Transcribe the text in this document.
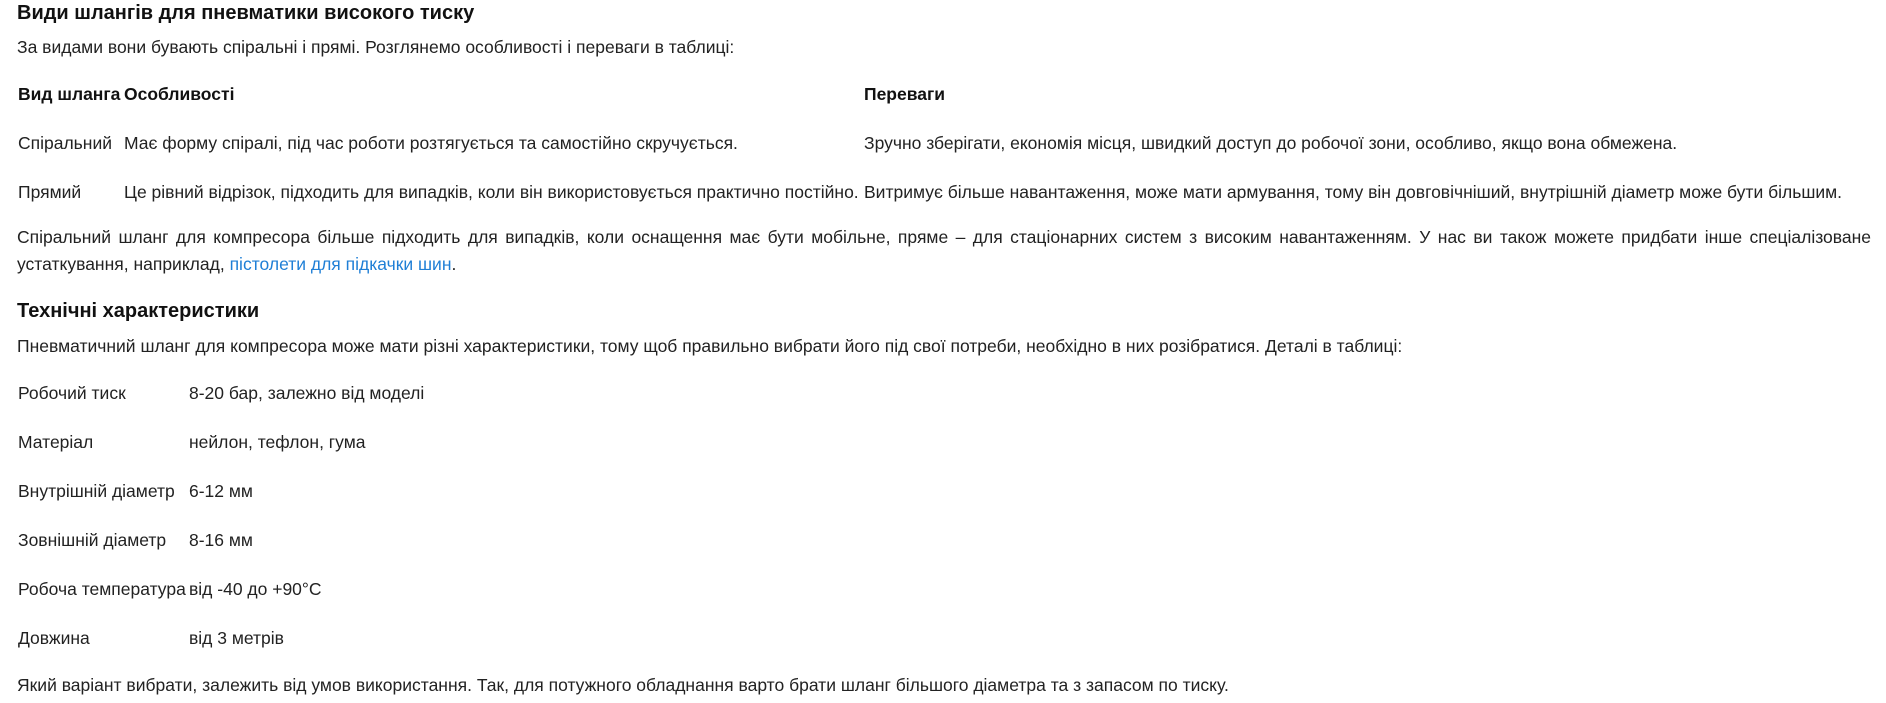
Види шлангів для пневматики високого тиску

За видами вони бувають спіральні і прямі. Розглянемо особливості і переваги в таблиці:

Вид шланга	Особливості	Переваги
Спіральний	Має форму спіралі, під час роботи розтягується та самостійно скручується.	Зручно зберігати, економія місця, швидкий доступ до робочої зони, особливо, якщо вона обмежена.
Прямий	Це рівний відрізок, підходить для випадків, коли він використовується практично постійно.	Витримує більше навантаження, може мати армування, тому він довговічніший, внутрішній діаметр може бути більшим.

Спіральний шланг для компресора більше підходить для випадків, коли оснащення має бути мобільне, пряме – для стаціонарних систем з високим навантаженням. У нас ви також можете придбати інше спеціалізоване устаткування, наприклад, пістолети для підкачки шин.

Технічні характеристики

Пневматичний шланг для компресора може мати різні характеристики, тому щоб правильно вибрати його під свої потреби, необхідно в них розібратися. Деталі в таблиці:

Робочий тиск	8-20 бар, залежно від моделі
Матеріал	нейлон, тефлон, гума
Внутрішній діаметр	6-12 мм
Зовнішній діаметр	8-16 мм
Робоча температура	від -40 до +90°C
Довжина	від 3 метрів

Який варіант вибрати, залежить від умов використання. Так, для потужного обладнання варто брати шланг більшого діаметра та з запасом по тиску.
